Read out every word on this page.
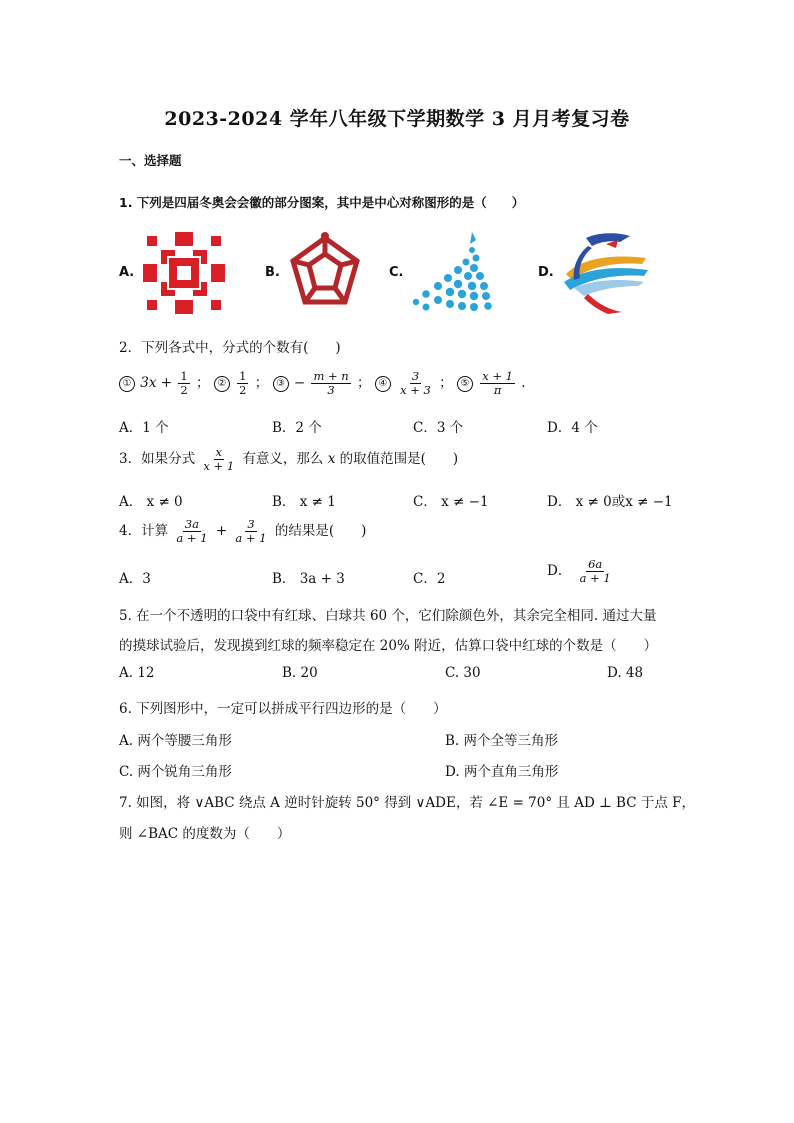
2023-2024 学年八年级下学期数学 3 月月考复习卷
一、选择题
1. 下列是四届冬奥会会徽的部分图案，其中是中心对称图形的是（　　）
A.	B.	C.	D.
2．下列各式中，分式的个数有(　　)
① $3x + \frac{1}{2}$ ； ② $\frac{1}{2}$ ； ③ − $\frac{m + n}{3}$ ； ④ $\frac{3}{x + 3}$ ； ⑤ $\frac{x + 1}{\pi}$ .
A．1 个	B．2 个	C．3 个	D．4 个
3．如果分式 $\frac{x}{x + 1}$ 有意义，那么 x 的取值范围是(　　)
A． x ≠ 0	B． x ≠ 1	C． x ≠ −1	D． x ≠ 0或x ≠ −1
4．计算 $\frac{3a}{a + 1} + \frac{3}{a + 1}$ 的结果是(　　)
A．3	B． 3a + 3	C．2	D． $\frac{6a}{a + 1}$
5. 在一个不透明的口袋中有红球、白球共 60 个，它们除颜色外，其余完全相同. 通过大量
的摸球试验后，发现摸到红球的频率稳定在 20% 附近，估算口袋中红球的个数是（　　）
A. 12	B. 20	C. 30	D. 48
6. 下列图形中，一定可以拼成平行四边形的是（　　）
A. 两个等腰三角形	B. 两个全等三角形
C. 两个锐角三角形	D. 两个直角三角形
7. 如图，将 ∨ABC 绕点 A 逆时针旋转 50° 得到 ∨ADE，若 ∠E = 70° 且 AD ⊥ BC 于点 F，
则 ∠BAC 的度数为（　　）
